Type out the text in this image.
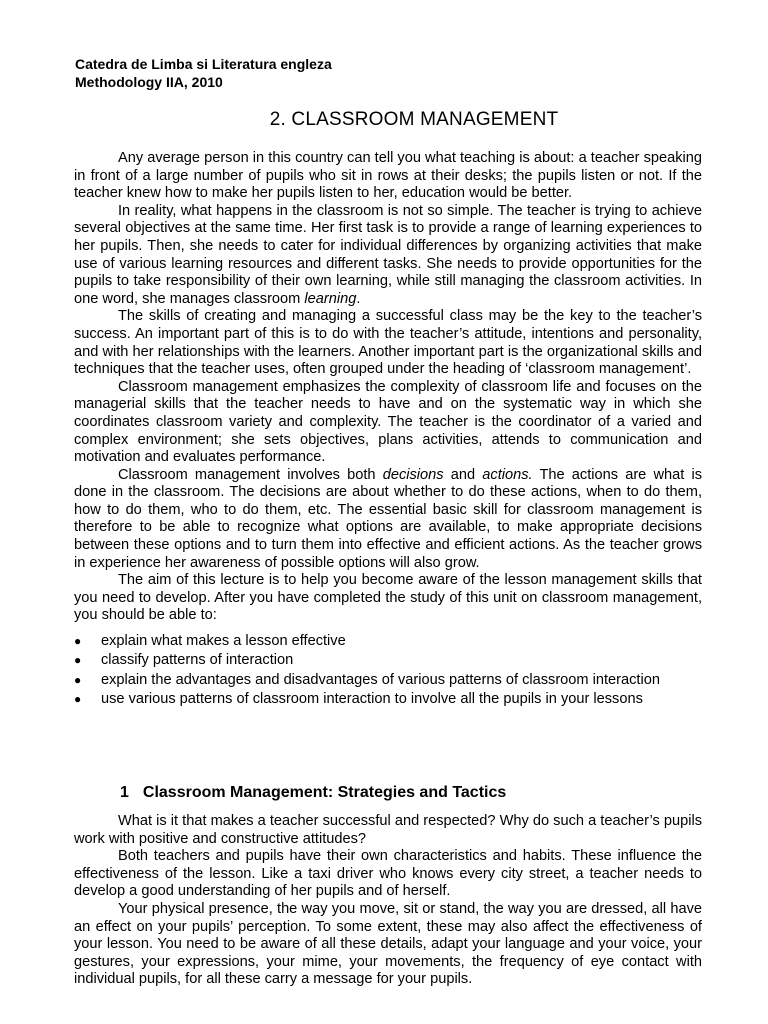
Catedra de Limba si Literatura engleza
Methodology IIA, 2010
2. CLASSROOM MANAGEMENT

Any average person in this country can tell you what teaching is about: a teacher speaking in front of a large number of pupils who sit in rows at their desks; the pupils listen or not. If the teacher knew how to make her pupils listen to her, education would be better.

In reality, what happens in the classroom is not so simple. The teacher is trying to achieve several objectives at the same time. Her first task is to provide a range of learning experiences to her pupils. Then, she needs to cater for individual differences by organizing activities that make use of various learning resources and different tasks. She needs to provide opportunities for the pupils to take responsibility of their own learning, while still managing the classroom activities. In one word, she manages classroom learning.

The skills of creating and managing a successful class may be the key to the teacher’s success. An important part of this is to do with the teacher’s attitude, intentions and personality, and with her relationships with the learners. Another important part is the organizational skills and techniques that the teacher uses, often grouped under the heading of ‘classroom management’.

Classroom management emphasizes the complexity of classroom life and focuses on the managerial skills that the teacher needs to have and on the systematic way in which she coordinates classroom variety and complexity. The teacher is the coordinator of a varied and complex environment; she sets objectives, plans activities, attends to communication and motivation and evaluates performance.

Classroom management involves both decisions and actions. The actions are what is done in the classroom. The decisions are about whether to do these actions, when to do them, how to do them, who to do them, etc. The essential basic skill for classroom management is therefore to be able to recognize what options are available, to make appropriate decisions between these options and to turn them into effective and efficient actions. As the teacher grows in experience her awareness of possible options will also grow.

The aim of this lecture is to help you become aware of the lesson management skills that you need to develop. After you have completed the study of this unit on classroom management, you should be able to:

● explain what makes a lesson effective
● classify patterns of interaction
● explain the advantages and disadvantages of various patterns of classroom interaction
● use various patterns of classroom interaction to involve all the pupils in your lessons
1 Classroom Management: Strategies and Tactics

What is it that makes a teacher successful and respected? Why do such a teacher’s pupils work with positive and constructive attitudes?

Both teachers and pupils have their own characteristics and habits. These influence the effectiveness of the lesson. Like a taxi driver who knows every city street, a teacher needs to develop a good understanding of her pupils and of herself.

Your physical presence, the way you move, sit or stand, the way you are dressed, all have an effect on your pupils’ perception. To some extent, these may also affect the effectiveness of your lesson. You need to be aware of all these details, adapt your language and your voice, your gestures, your expressions, your mime, your movements, the frequency of eye contact with individual pupils, for all these carry a message for your pupils.
